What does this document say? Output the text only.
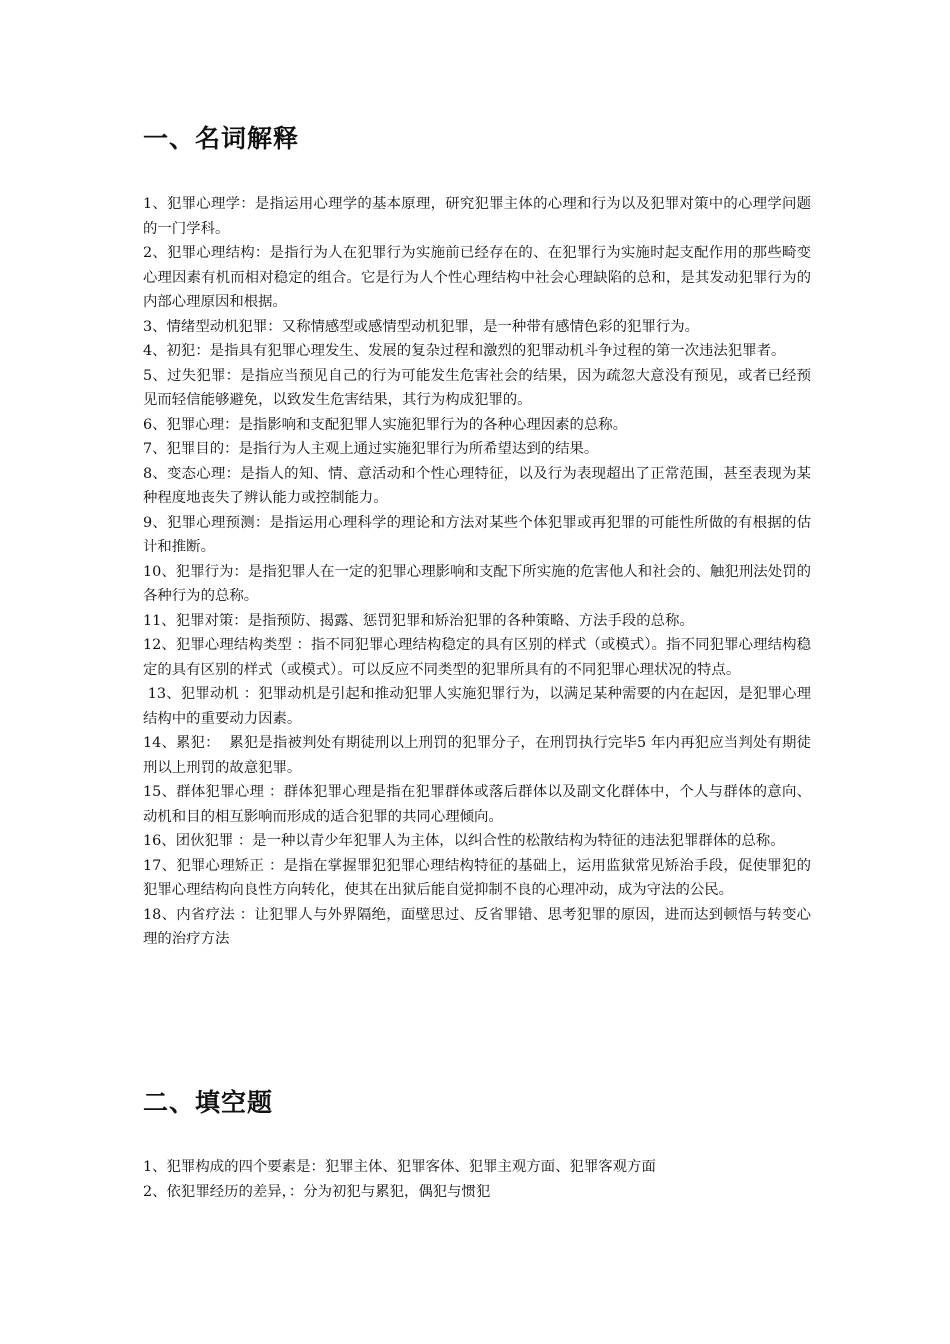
一、名词解释

1、犯罪心理学：是指运用心理学的基本原理，研究犯罪主体的心理和行为以及犯罪对策中的心理学问题的一门学科。

2、犯罪心理结构：是指行为人在犯罪行为实施前已经存在的、在犯罪行为实施时起支配作用的那些畸变心理因素有机而相对稳定的组合。它是行为人个性心理结构中社会心理缺陷的总和，是其发动犯罪行为的内部心理原因和根据。

3、情绪型动机犯罪：又称情感型或感情型动机犯罪，是一种带有感情色彩的犯罪行为。

4、初犯：是指具有犯罪心理发生、发展的复杂过程和激烈的犯罪动机斗争过程的第一次违法犯罪者。

5、过失犯罪：是指应当预见自己的行为可能发生危害社会的结果，因为疏忽大意没有预见，或者已经预见而轻信能够避免，以致发生危害结果，其行为构成犯罪的。

6、犯罪心理：是指影响和支配犯罪人实施犯罪行为的各种心理因素的总称。

7、犯罪目的：是指行为人主观上通过实施犯罪行为所希望达到的结果。

8、变态心理：是指人的知、情、意活动和个性心理特征，以及行为表现超出了正常范围，甚至表现为某种程度地丧失了辨认能力或控制能力。

9、犯罪心理预测：是指运用心理科学的理论和方法对某些个体犯罪或再犯罪的可能性所做的有根据的估计和推断。

10、犯罪行为：是指犯罪人在一定的犯罪心理影响和支配下所实施的危害他人和社会的、触犯刑法处罚的各种行为的总称。

11、犯罪对策：是指预防、揭露、惩罚犯罪和矫治犯罪的各种策略、方法手段的总称。

12、犯罪心理结构类型 ：指不同犯罪心理结构稳定的具有区别的样式（或模式）。指不同犯罪心理结构稳定的具有区别的样式（或模式）。可以反应不同类型的犯罪所具有的不同犯罪心理状况的特点。

13、犯罪动机 ：犯罪动机是引起和推动犯罪人实施犯罪行为，以满足某种需要的内在起因，是犯罪心理结构中的重要动力因素。

14、累犯：  累犯是指被判处有期徒刑以上刑罚的犯罪分子，在刑罚执行完毕5 年内再犯应当判处有期徒刑以上刑罚的故意犯罪。

15、群体犯罪心理 ：群体犯罪心理是指在犯罪群体或落后群体以及副文化群体中，个人与群体的意向、动机和目的相互影响而形成的适合犯罪的共同心理倾向。

16、团伙犯罪 ：是一种以青少年犯罪人为主体，以纠合性的松散结构为特征的违法犯罪群体的总称。

17、犯罪心理矫正 ：是指在掌握罪犯犯罪心理结构特征的基础上，运用监狱常见矫治手段，促使罪犯的犯罪心理结构向良性方向转化，使其在出狱后能自觉抑制不良的心理冲动，成为守法的公民。

18、内省疗法 ：让犯罪人与外界隔绝，面壁思过、反省罪错、思考犯罪的原因，进而达到顿悟与转变心理的治疗方法

二、填空题

1、犯罪构成的四个要素是：犯罪主体、犯罪客体、犯罪主观方面、犯罪客观方面

2、依犯罪经历的差异，：分为初犯与累犯，偶犯与惯犯
